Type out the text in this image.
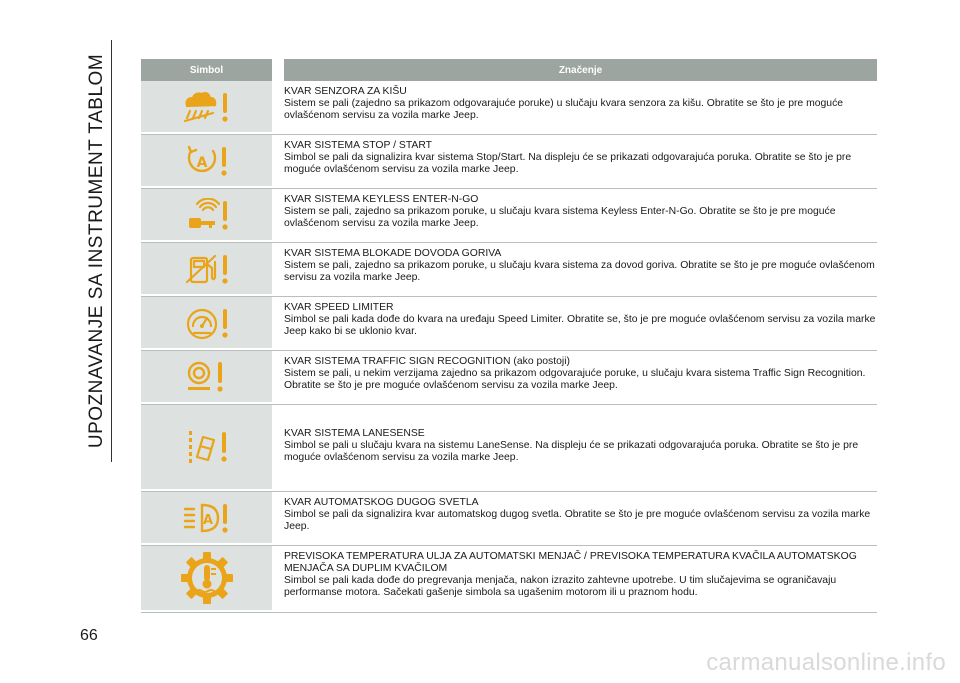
UPOZNAVANJE SA INSTRUMENT TABLOM	Simbol	Značenje
KVAR SENZORA ZA KIŠU
Sistem se pali (zajedno sa prikazom odgovarajuće poruke) u slučaju kvara senzora za kišu. Obratite se što je pre moguće ovlašćenom servisu za vozila marke Jeep.
A
KVAR SISTEMA STOP / START
Simbol se pali da signalizira kvar sistema Stop/Start. Na displeju će se prikazati odgovarajuća poruka. Obratite se što je pre moguće ovlašćenom servisu za vozila marke Jeep.
KVAR SISTEMA KEYLESS ENTER-N-GO
Sistem se pali, zajedno sa prikazom poruke, u slučaju kvara sistema Keyless Enter-N-Go. Obratite se što je pre moguće ovlašćenom servisu za vozila marke Jeep.
KVAR SISTEMA BLOKADE DOVODA GORIVA
Sistem se pali, zajedno sa prikazom poruke, u slučaju kvara sistema za dovod goriva. Obratite se što je pre moguće ovlašćenom servisu za vozila marke Jeep.
KVAR SPEED LIMITER
Simbol se pali kada dođe do kvara na uređaju Speed Limiter. Obratite se, što je pre moguće ovlašćenom servisu za vozila marke Jeep kako bi se uklonio kvar.
KVAR SISTEMA TRAFFIC SIGN RECOGNITION (ako postoji)
Sistem se pali, u nekim verzijama zajedno sa prikazom odgovarajuće poruke, u slučaju kvara sistema Traffic Sign Recognition. Obratite se što je pre moguće ovlašćenom servisu za vozila marke Jeep.
KVAR SISTEMA LANESENSE
Simbol se pali u slučaju kvara na sistemu LaneSense. Na displeju će se prikazati odgovarajuća poruka. Obratite se što je pre moguće ovlašćenom servisu za vozila marke Jeep.
A
KVAR AUTOMATSKOG DUGOG SVETLA
Simbol se pali da signalizira kvar automatskog dugog svetla. Obratite se što je pre moguće ovlašćenom servisu za vozila marke Jeep.
PREVISOKA TEMPERATURA ULJA ZA AUTOMATSKI MENJAČ / PREVISOKA TEMPERATURA KVAČILA AUTOMATSKOG MENJAČA SA DUPLIM KVAČILOM
Simbol se pali kada dođe do pregrevanja menjača, nakon izrazito zahtevne upotrebe. U tim slučajevima se ograničavaju performanse motora. Sačekati gašenje simbola sa ugašenim motorom ili u praznom hodu.
66
carmanualsonline.info
